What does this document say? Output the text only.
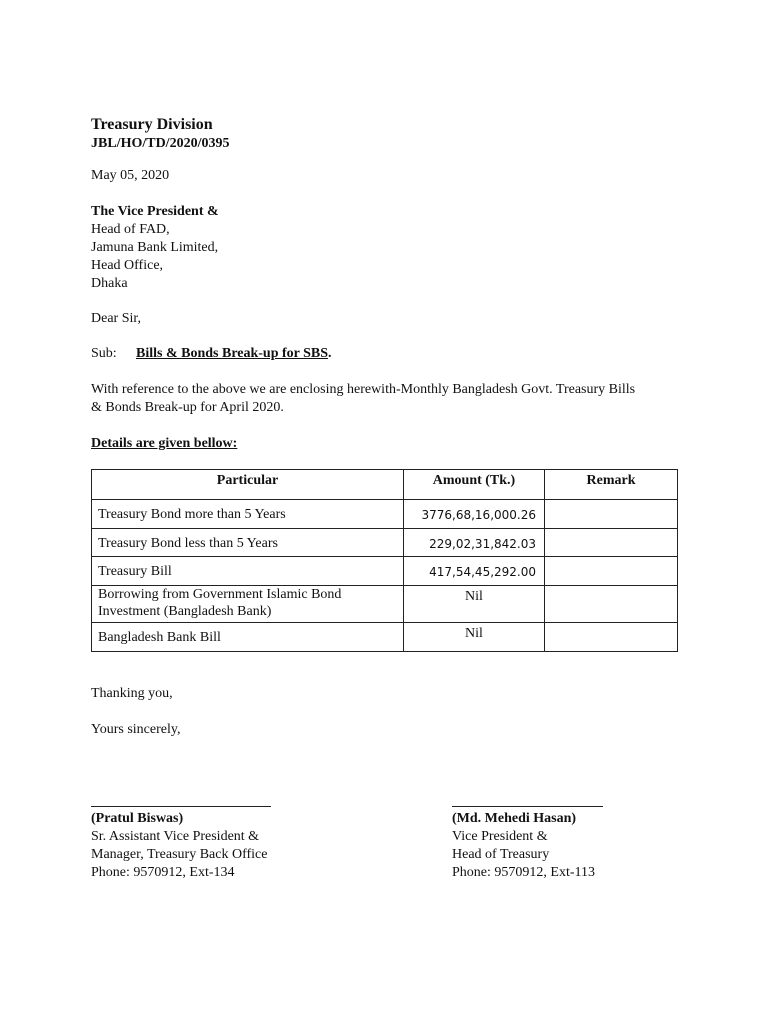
Treasury Division
JBL/HO/TD/2020/0395
May 05, 2020
The Vice President &
Head of FAD,
Jamuna Bank Limited,
Head Office,
Dhaka
Dear Sir,
Sub: Bills & Bonds Break-up for SBS.
With reference to the above we are enclosing herewith-Monthly Bangladesh Govt. Treasury Bills
& Bonds Break-up for April 2020.
Details are given bellow:
Particular	Amount (Tk.)	Remark
Treasury Bond more than 5 Years	3776,68,16,000.26	
Treasury Bond less than 5 Years	229,02,31,842.03	
Treasury Bill	417,54,45,292.00	

Borrowing from Government Islamic Bond
Investment (Bangladesh Bank)	Nil	
Bangladesh Bank Bill	Nil	
Thanking you,
Yours sincerely,
(Pratul Biswas)
Sr. Assistant Vice President &
Manager, Treasury Back Office
Phone: 9570912, Ext-134
(Md. Mehedi Hasan)
Vice President &
Head of Treasury
Phone: 9570912, Ext-113
